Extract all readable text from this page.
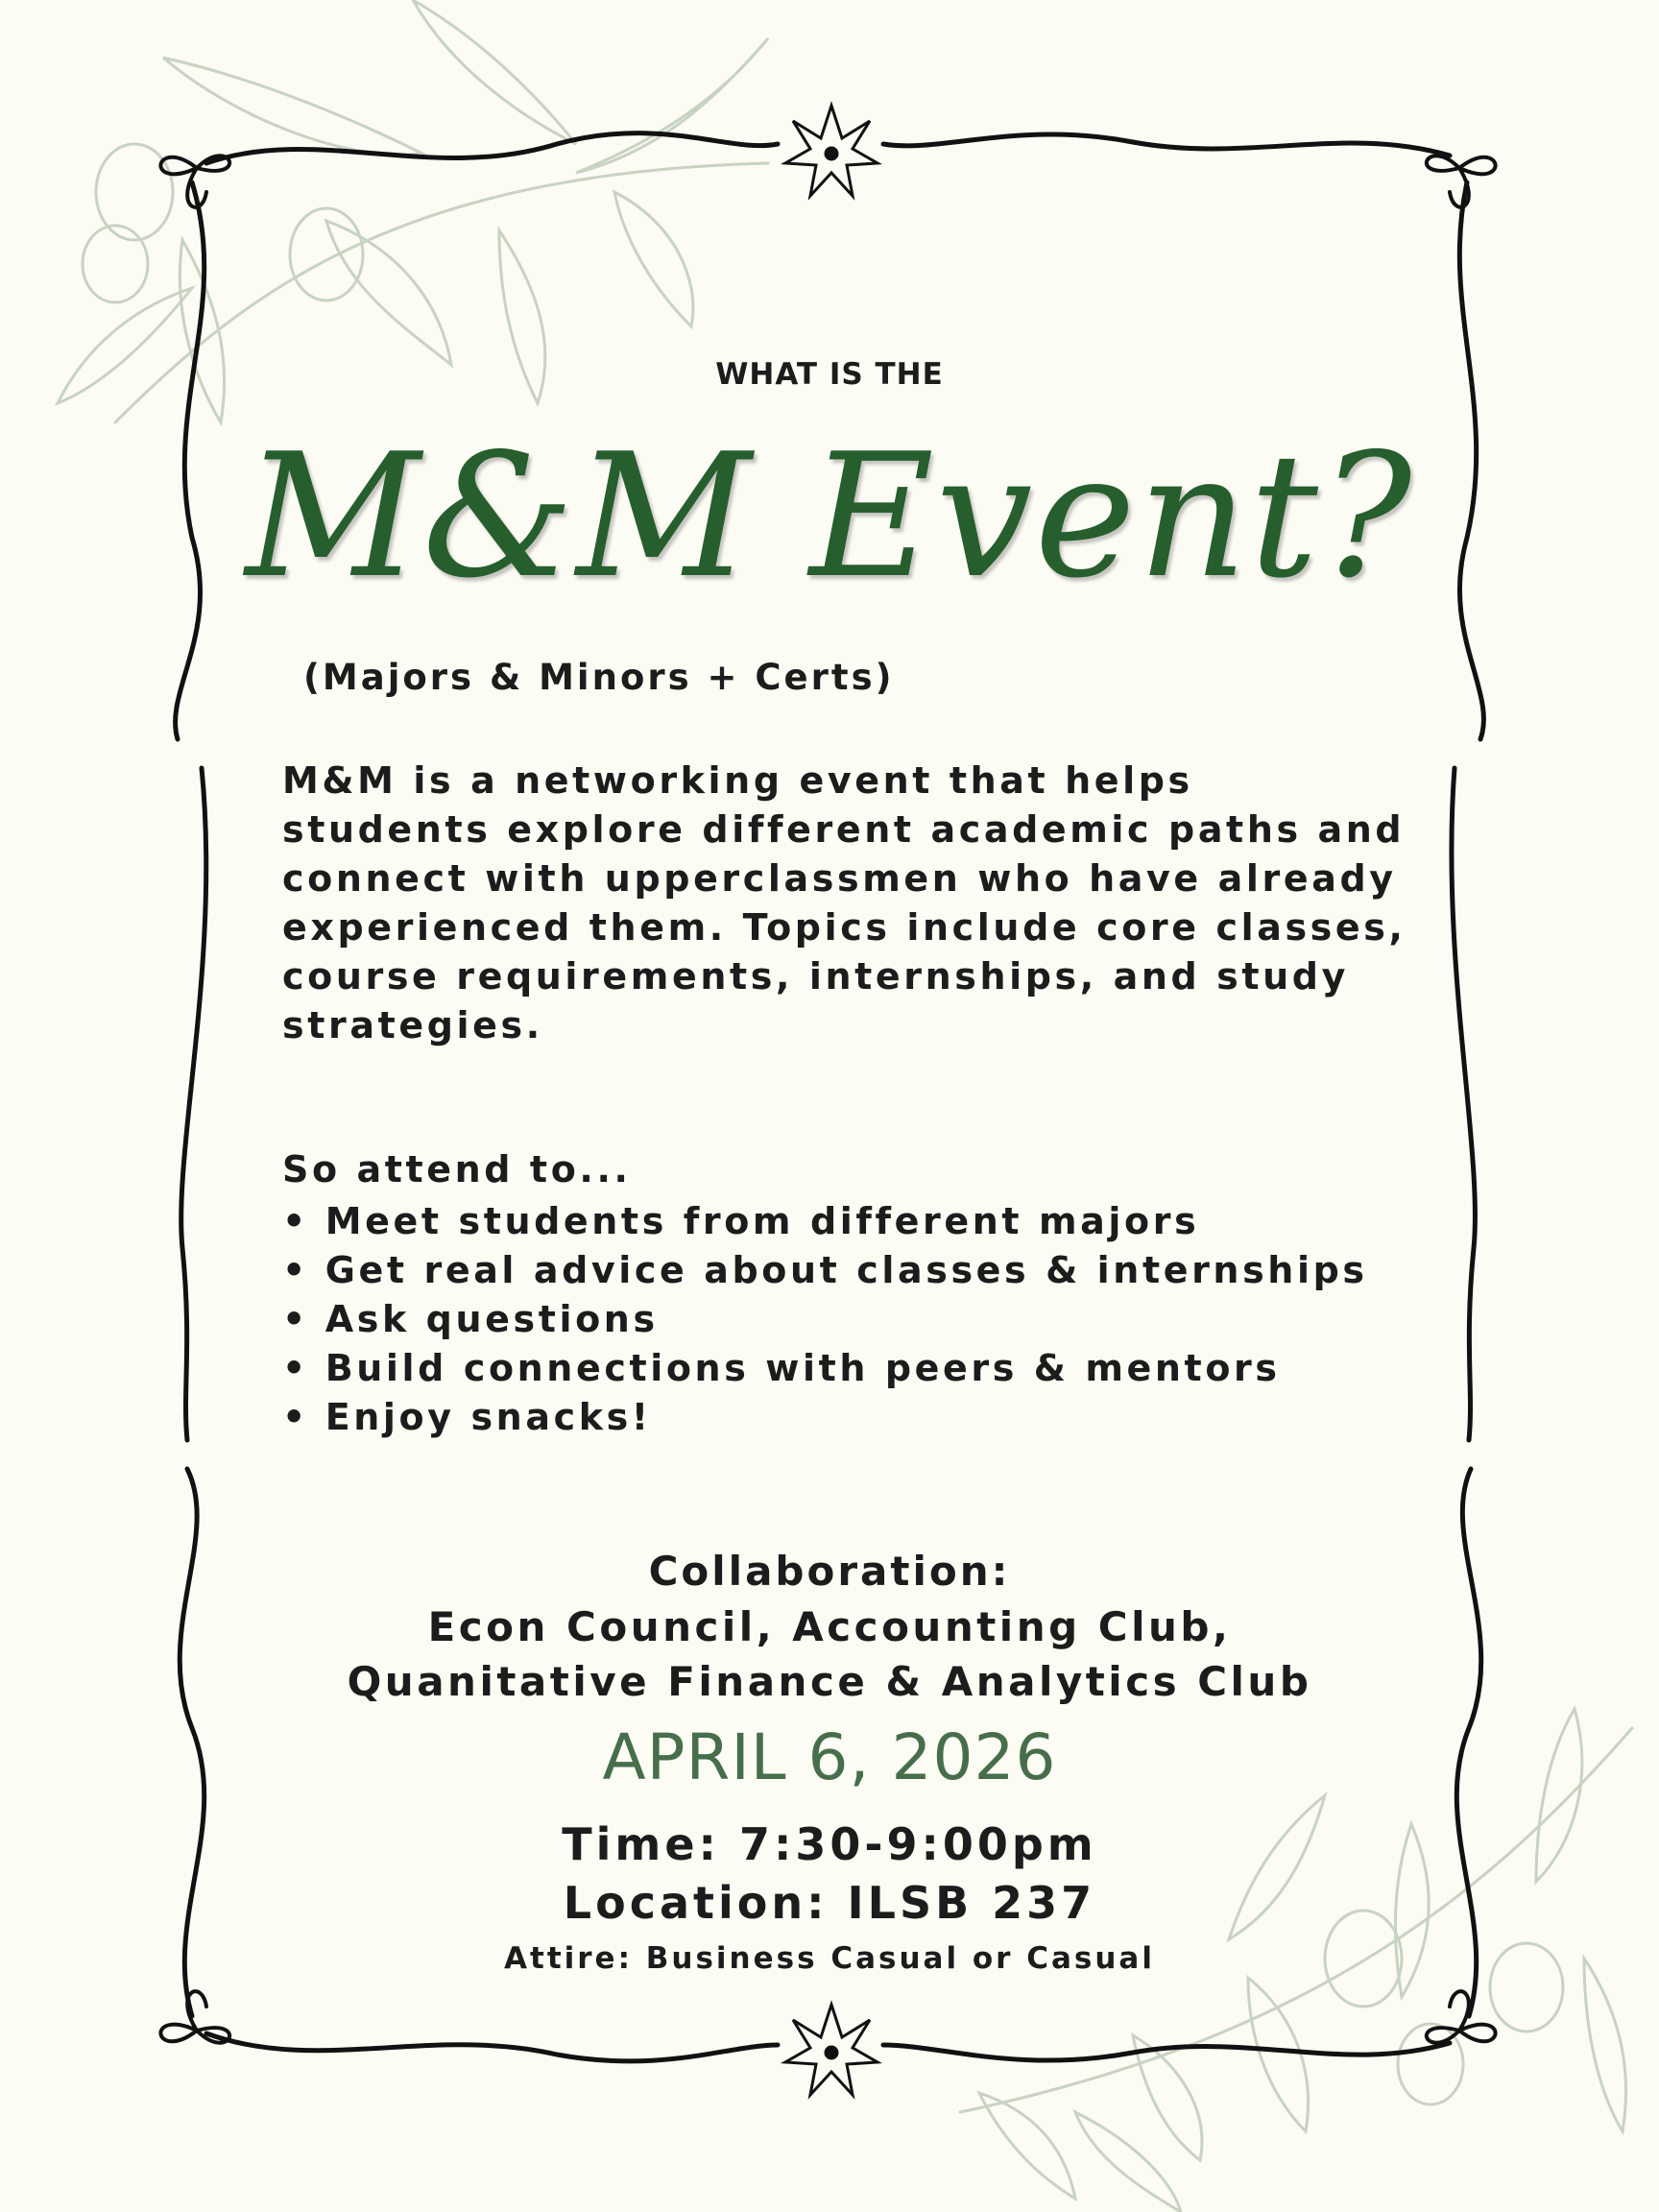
WHAT IS THE
M&M Event?
(Majors & Minors + Certs)

M&M is a networking event that helps students explore different academic paths and connect with upperclassmen who have already experienced them. Topics include core classes, course requirements, internships, and study strategies.

So attend to...
• Meet students from different majors
• Get real advice about classes & internships
• Ask questions
• Build connections with peers & mentors
• Enjoy snacks!
Collaboration:
Econ Council, Accounting Club,
Quanitative Finance & Analytics Club
APRIL 6, 2026
Time: 7:30-9:00pm
Location: ILSB 237
Attire: Business Casual or Casual
